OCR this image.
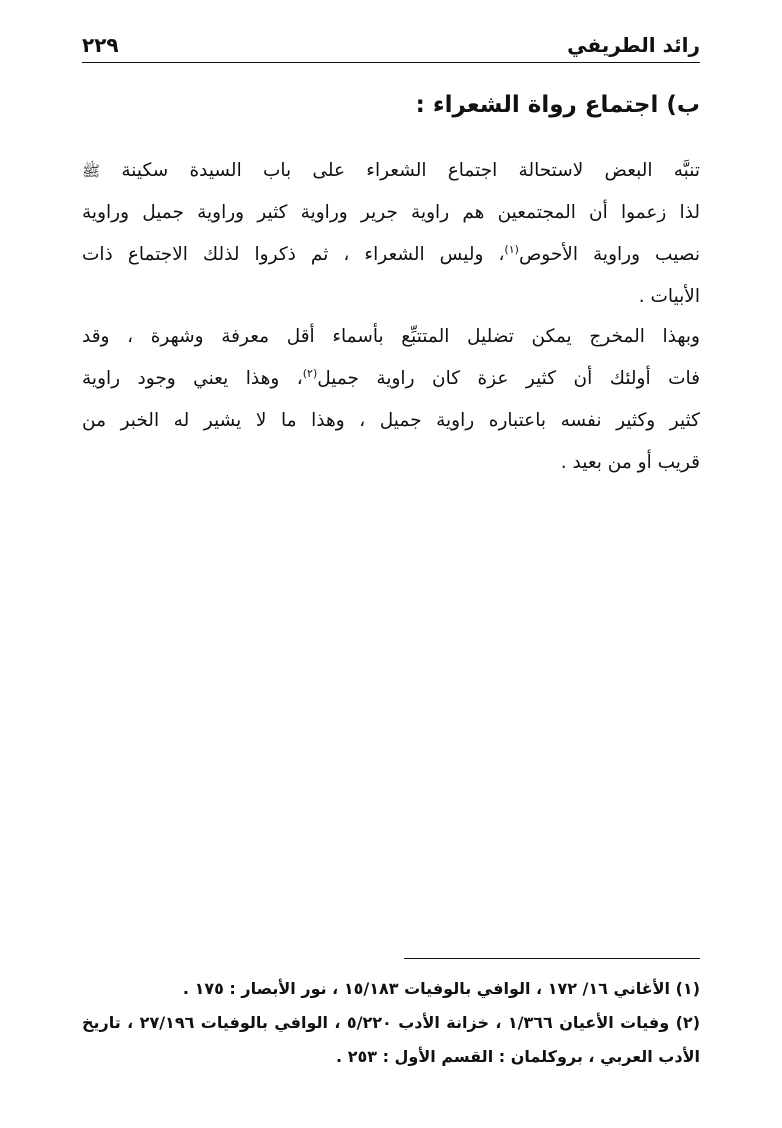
رائد الطريفي
٢٢٩
ب) اجتماع رواة الشعراء :
تنبَّه البعض لاستحالة اجتماع الشعراء على باب السيدة سكينة ﷺ
لذا زعموا أن المجتمعين هم راوية جرير وراوية كثير وراوية جميل وراوية
نصيب وراوية الأحوص$^{(١)}$، وليس الشعراء ، ثم ذكروا لذلك الاجتماع ذات
الأبيات .
وبهذا المخرج يمكن تضليل المتتبِّع بأسماء أقل معرفة وشهرة ، وقد
فات أولئك أن كثير عزة كان راوية جميل$^{(٢)}$، وهذا يعني وجود راوية
كثير وكثير نفسه باعتباره راوية جميل ، وهذا ما لا يشير له الخبر من
قريب أو من بعيد .
(١) الأغاني ١٦/ ١٧٢ ، الوافي بالوفيات ١٥/١٨٣ ، نور الأبصار : ١٧٥ .
(٢) وفيات الأعيان ١/٣٦٦ ، خزانة الأدب ٥/٢٢٠ ، الوافي بالوفيات ٢٧/١٩٦ ، تاريخ
الأدب العربي ، بروكلمان : القسم الأول : ٢٥٣ .
